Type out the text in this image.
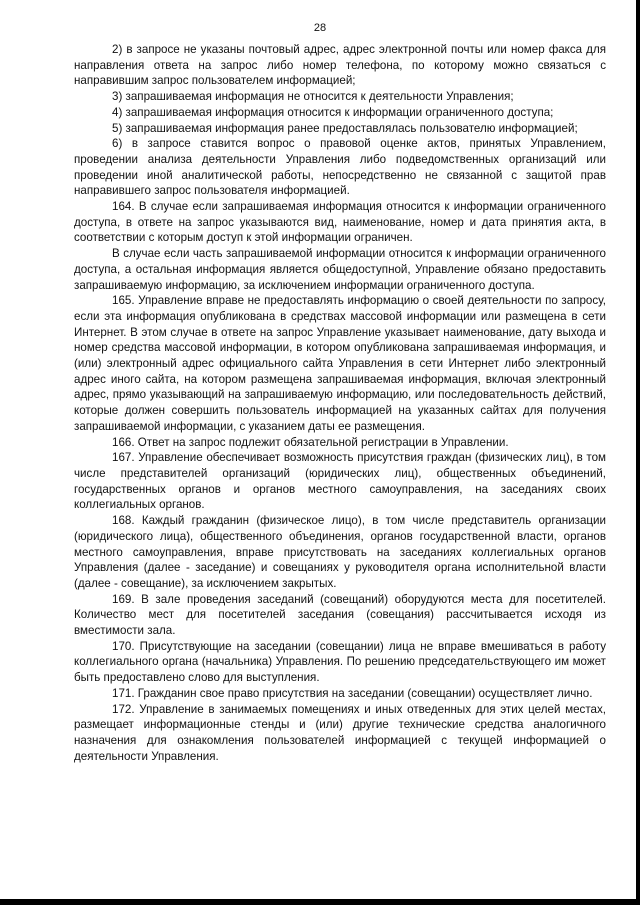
28

2) в запросе не указаны почтовый адрес, адрес электронной почты или номер факса для направления ответа на запрос либо номер телефона, по которому можно связаться с направившим запрос пользователем информацией;

3) запрашиваемая информация не относится к деятельности Управления;

4) запрашиваемая информация относится к информации ограниченного доступа;

5) запрашиваемая информация ранее предоставлялась пользователю информацией;

6) в запросе ставится вопрос о правовой оценке актов, принятых Управлением, проведении анализа деятельности Управления либо подведомственных организаций или проведении иной аналитической работы, непосредственно не связанной с защитой прав направившего запрос пользователя информацией.

164. В случае если запрашиваемая информация относится к информации ограниченного доступа, в ответе на запрос указываются вид, наименование, номер и дата принятия акта, в соответствии с которым доступ к этой информации ограничен.

В случае если часть запрашиваемой информации относится к информации ограниченного доступа, а остальная информация является общедоступной, Управление обязано предоставить запрашиваемую информацию, за исключением информации ограниченного доступа.

165. Управление вправе не предоставлять информацию о своей деятельности по запросу, если эта информация опубликована в средствах массовой информации или размещена в сети Интернет. В этом случае в ответе на запрос Управление указывает наименование, дату выхода и номер средства массовой информации, в котором опубликована запрашиваемая информация, и (или) электронный адрес официального сайта Управления в сети Интернет либо электронный адрес иного сайта, на котором размещена запрашиваемая информация, включая электронный адрес, прямо указывающий на запрашиваемую информацию, или последовательность действий, которые должен совершить пользователь информацией на указанных сайтах для получения запрашиваемой информации, с указанием даты ее размещения.

166. Ответ на запрос подлежит обязательной регистрации в Управлении.

167. Управление обеспечивает возможность присутствия граждан (физических лиц), в том числе представителей организаций (юридических лиц), общественных объединений, государственных органов и органов местного самоуправления, на заседаниях своих коллегиальных органов.

168. Каждый гражданин (физическое лицо), в том числе представитель организации (юридического лица), общественного объединения, органов государственной власти, органов местного самоуправления, вправе присутствовать на заседаниях коллегиальных органов Управления (далее - заседание) и совещаниях у руководителя органа исполнительной власти (далее - совещание), за исключением закрытых.

169. В зале проведения заседаний (совещаний) оборудуются места для посетителей. Количество мест для посетителей заседания (совещания) рассчитывается исходя из вместимости зала.

170. Присутствующие на заседании (совещании) лица не вправе вмешиваться в работу коллегиального органа (начальника) Управления. По решению председательствующего им может быть предоставлено слово для выступления.

171. Гражданин свое право присутствия на заседании (совещании) осуществляет лично.

172. Управление в занимаемых помещениях и иных отведенных для этих целей местах, размещает информационные стенды и (или) другие технические средства аналогичного назначения для ознакомления пользователей информацией с текущей информацией о деятельности Управления.
